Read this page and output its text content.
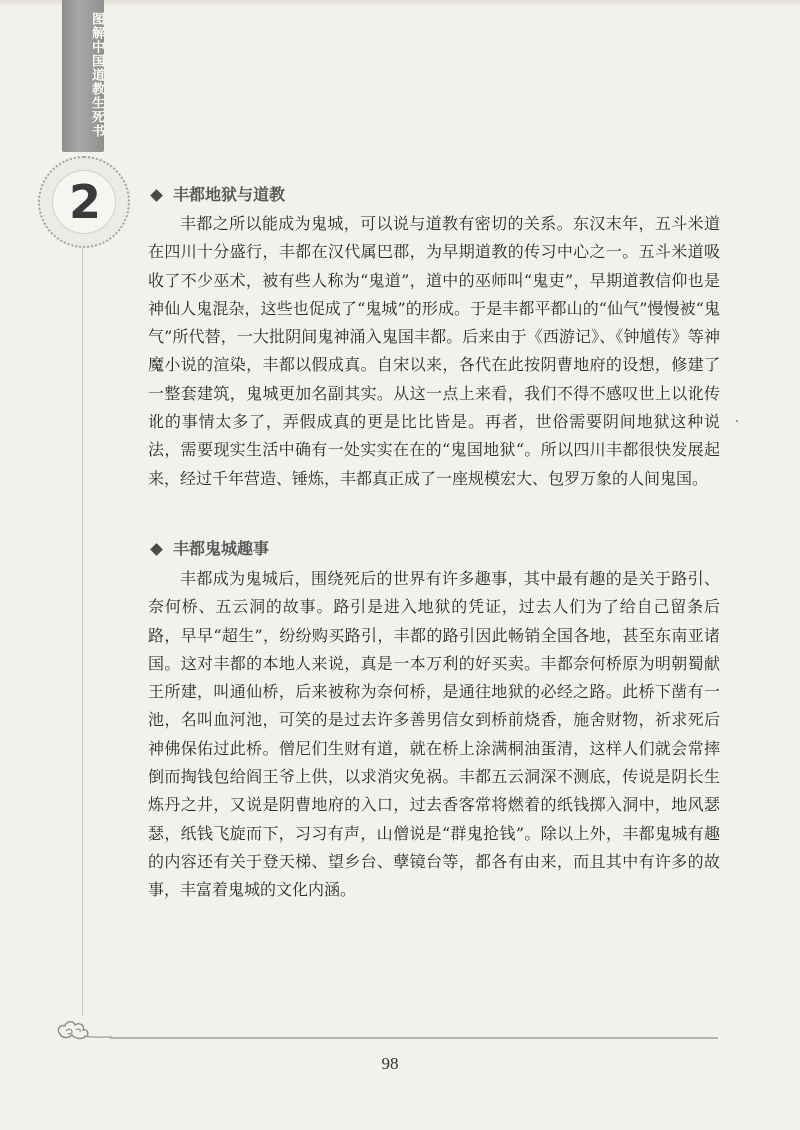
图解中国道教生死书
2	丰都地狱与道教

丰都之所以能成为鬼城，可以说与道教有密切的关系。东汉末年，五斗米道在四川十分盛行，丰都在汉代属巴郡，为早期道教的传习中心之一。五斗米道吸收了不少巫术，被有些人称为“鬼道”，道中的巫师叫“鬼吏”，早期道教信仰也是神仙人鬼混杂，这些也促成了“鬼城”的形成。于是丰都平都山的“仙气”慢慢被“鬼气”所代替，一大批阴间鬼神涌入鬼国丰都。后来由于《西游记》、《钟馗传》等神魔小说的渲染，丰都以假成真。自宋以来，各代在此按阴曹地府的设想，修建了一整套建筑，鬼城更加名副其实。从这一点上来看，我们不得不感叹世上以讹传讹的事情太多了，弄假成真的更是比比皆是。再者，世俗需要阴间地狱这种说法，需要现实生活中确有一处实实在在的“鬼国地狱“。所以四川丰都很快发展起来，经过千年营造、锤炼，丰都真正成了一座规模宏大、包罗万象的人间鬼国。

丰都鬼城趣事

丰都成为鬼城后，围绕死后的世界有许多趣事，其中最有趣的是关于路引、奈何桥、五云洞的故事。路引是进入地狱的凭证，过去人们为了给自己留条后路，早早“超生”，纷纷购买路引，丰都的路引因此畅销全国各地，甚至东南亚诸国。这对丰都的本地人来说，真是一本万利的好买卖。丰都奈何桥原为明朝蜀献王所建，叫通仙桥，后来被称为奈何桥，是通往地狱的必经之路。此桥下凿有一池，名叫血河池，可笑的是过去许多善男信女到桥前烧香，施舍财物，祈求死后神佛保佑过此桥。僧尼们生财有道，就在桥上涂满桐油蛋清，这样人们就会常摔倒而掏钱包给阎王爷上供，以求消灾免祸。丰都五云洞深不测底，传说是阴长生炼丹之井，又说是阴曹地府的入口，过去香客常将燃着的纸钱掷入洞中，地风瑟瑟，纸钱飞旋而下，习习有声，山僧说是“群鬼抢钱”。除以上外，丰都鬼城有趣的内容还有关于登天梯、望乡台、孽镜台等，都各有由来，而且其中有许多的故事，丰富着鬼城的文化内涵。

98
